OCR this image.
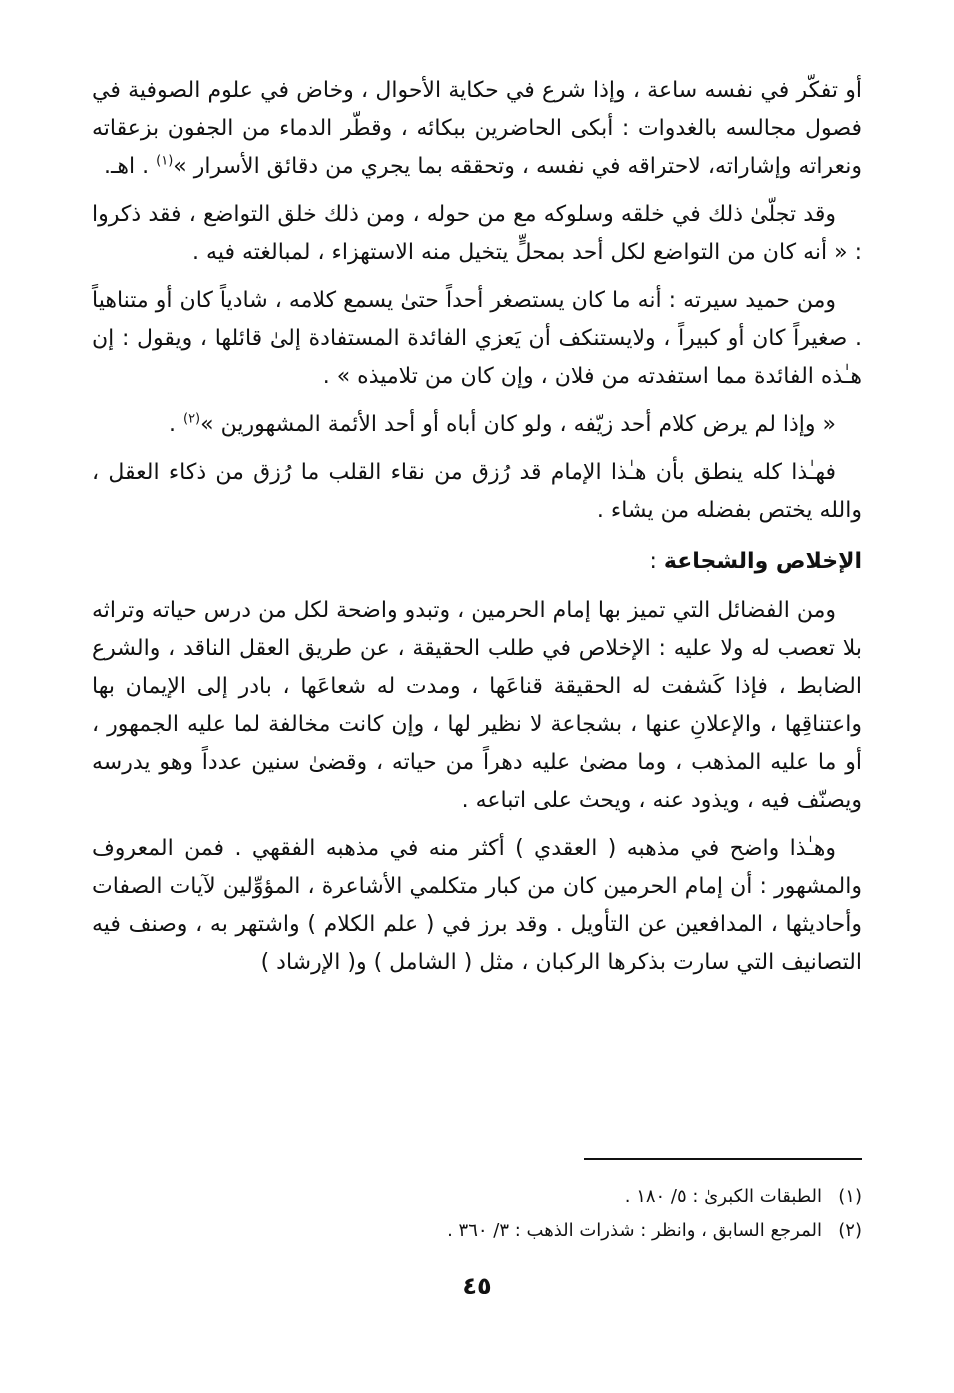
أو تفكّر في نفسه ساعة ، وإذا شرع في حكاية الأحوال ، وخاض في علوم الصوفية في فصول مجالسه بالغدوات : أبكى الحاضرين ببكائه ، وقطّر الدماء من الجفون بزعقاته ونعراته وإشاراته، لاحتراقه في نفسه ، وتحققه بما يجري من دقائق الأسرار »$^{(١)}$ . اهـ.

وقد تجلّىٰ ذلك في خلقه وسلوكه مع من حوله ، ومن ذلك خلق التواضع ، فقد ذكروا : « أنه كان من التواضع لكل أحد بمحلٍّ يتخيل منه الاستهزاء ، لمبالغته فيه .

ومن حميد سيرته : أنه ما كان يستصغر أحداً حتىٰ يسمع كلامه ، شادياً كان أو متناهياً . صغيراً كان أو كبيراً ، ولايستنكف أن يَعزي الفائدة المستفادة إلىٰ قائلها ، ويقول : إن هـٰذه الفائدة مما استفدته من فلان ، وإن كان من تلاميذه » .

« وإذا لم يرض كلام أحد زيّفه ، ولو كان أباه أو أحد الأئمة المشهورين »$^{(٢)}$ .

فهـٰذا كله ينطق بأن هـٰذا الإمام قد رُزق من نقاء القلب ما رُزق من ذكاء العقل ، والله يختص بفضله من يشاء .

الإخلاص والشجاعة :

ومن الفضائل التي تميز بها إمام الحرمين ، وتبدو واضحة لكل من درس حياته وتراثه بلا تعصب له ولا عليه : الإخلاص في طلب الحقيقة ، عن طريق العقل الناقد ، والشرع الضابط ، فإذا كَشفت له الحقيقة قناعَها ، ومدت له شعاعَها ، بادر إلى الإيمان بها واعتناقِها ، والإعلانِ عنها ، بشجاعة لا نظير لها ، وإن كانت مخالفة لما عليه الجمهور ، أو ما عليه المذهب ، وما مضىٰ عليه دهراً من حياته ، وقضىٰ سنين عدداً وهو يدرسه ويصنّف فيه ، ويذود عنه ، ويحث على اتباعه .

وهـٰذا واضح في مذهبه ( العقدي ) أكثر منه في مذهبه الفقهي . فمن المعروف والمشهور : أن إمام الحرمين كان من كبار متكلمي الأشاعرة ، المؤوِّلين لآيات الصفات وأحاديثها ، المدافعين عن التأويل . وقد برز في ( علم الكلام ) واشتهر به ، وصنف فيه التصانيف التي سارت بذكرها الركبان ، مثل ( الشامل ) و( الإرشاد )

(١)الطبقات الكبرىٰ : ٥/ ١٨٠ .

(٢)المرجع السابق ، وانظر : شذرات الذهب : ٣/ ٣٦٠ .

٤٥
